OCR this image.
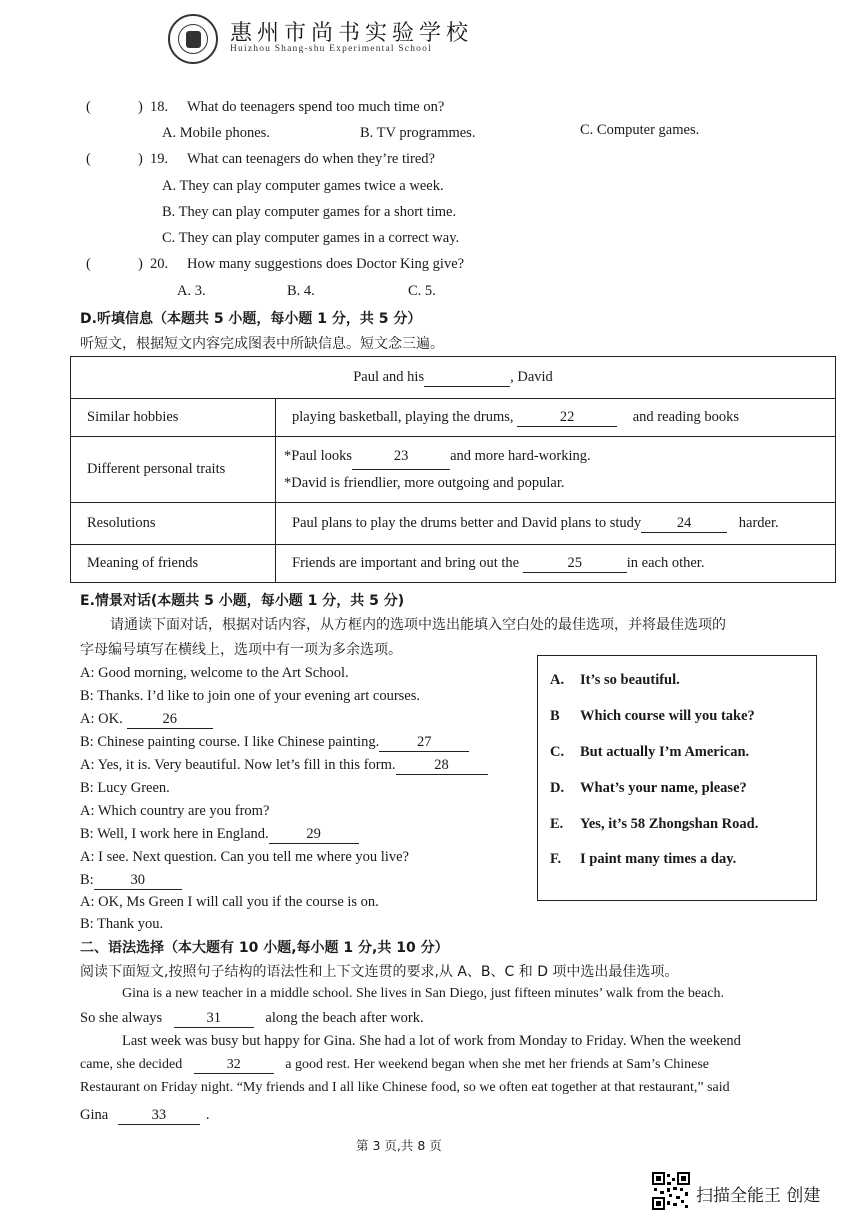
惠州市尚书实验学校
Huizhou Shang-shu Experimental School
(	) 18. What do teenagers spend too much time on?
A. Mobile phones.	B. TV programmes.	C. Computer games.
(	) 19. What can teenagers do when they’re tired?
A. They can play computer games twice a week.
B. They can play computer games for a short time.
C. They can play computer games in a correct way.
(	) 20. How many suggestions does Doctor King give?
A. 3.	B. 4.	C. 5.
D.听填信息（本题共 5 小题，每小题 1 分，共 5 分）
听短文，根据短文内容完成图表中所缺信息。短文念三遍。
Paul and his , David	
Similar hobbies	playing basketball, playing the drums, 22 and reading books
Different personal traits	*Paul looks 23 and more hard-working.
*David is friendlier, more outgoing and popular.

Resolutions	Paul plans to play the drums better and David plans to study 24 harder.
Meaning of friends	Friends are important and bring out the 25 in each other.
E.情景对话(本题共 5 小题，每小题 1 分，共 5 分)
请通读下面对话，根据对话内容，从方框内的选项中选出能填入空白处的最佳选项，并将最佳选项的
字母编号填写在横线上，选项中有一项为多余选项。
A: Good morning, welcome to the Art School.
B: Thanks. I’d like to join one of your evening art courses.
A: OK.	26
B: Chinese painting course. I like Chinese painting.	27
A: Yes, it is. Very beautiful. Now let’s fill in this form.	28
B: Lucy Green.
A: Which country are you from?
B: Well, I work here in England.	29
A: I see. Next question. Can you tell me where you live?
B:	30
A: OK, Ms Green I will call you if the course is on.
B: Thank you.
A. It’s so beautiful.
B Which course will you take?
C. But actually I’m American.
D. What’s your name, please?
E. Yes, it’s 58 Zhongshan Road.
F. I paint many times a day.
二、语法选择（本大题有 10 小题,每小题 1 分,共 10 分）
阅读下面短文,按照句子结构的语法性和上下文连贯的要求,从 A、B、C 和 D 项中选出最佳选项。
Gina is a new teacher in a middle school. She lives in San Diego, just fifteen minutes’ walk from the beach.
So she always	31	along the beach after work.
Last week was busy but happy for Gina. She had a lot of work from Monday to Friday. When the weekend
came, she decided	32	a good rest. Her weekend began when she met her friends at Sam’s Chinese
Restaurant on Friday night. “My friends and I all like Chinese food, so we often eat together at that restaurant,” said
Gina	33	.
第 3 页,共 8 页
扫描全能王 创建
